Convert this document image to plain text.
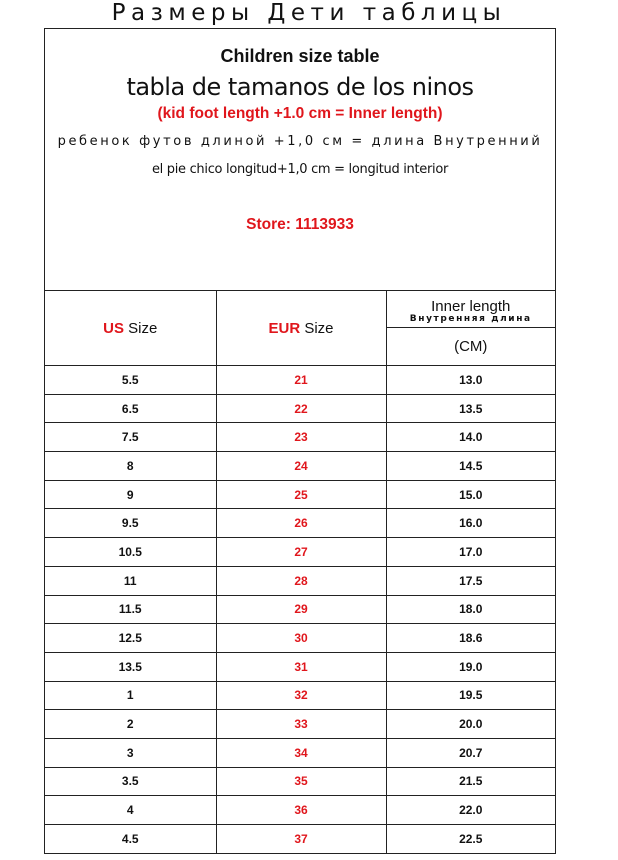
Размеры Дети таблицы
Children size table
tabla de tamanos de los ninos
(kid foot length +1.0 cm = Inner length)
ребенок футов длиной +1,0 см = длина Внутренний
el pie chico longitud+1,0 cm = longitud interior
Store: 1113933
US Size	EUR Size	Inner length
Внутренняя длина
(CM)

5.5	21	13.0
6.5	22	13.5
7.5	23	14.0
8	24	14.5
9	25	15.0
9.5	26	16.0
10.5	27	17.0
11	28	17.5
11.5	29	18.0
12.5	30	18.6
13.5	31	19.0
1	32	19.5
2	33	20.0
3	34	20.7
3.5	35	21.5
4	36	22.0
4.5	37	22.5
